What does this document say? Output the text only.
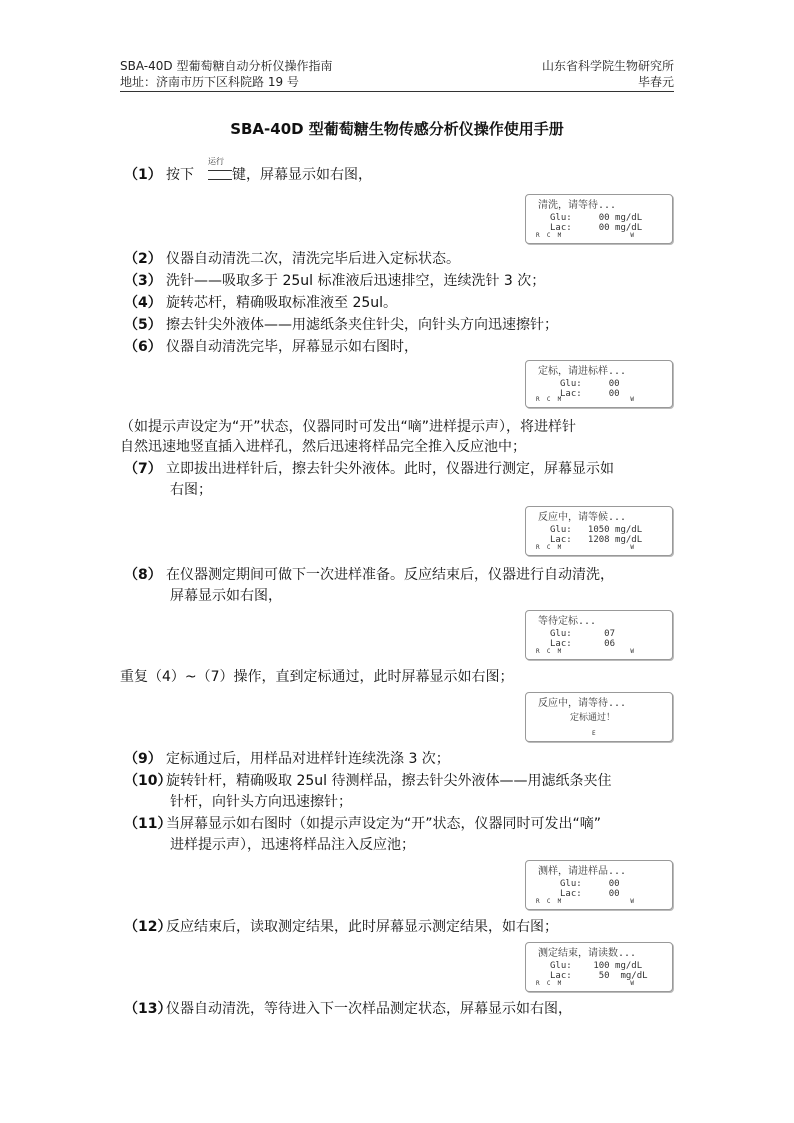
SBA-40D 型葡萄糖自动分析仪操作指南
地址：济南市历下区科院路 19 号
山东省科学院生物研究所
毕春元
SBA-40D 型葡萄糖生物传感分析仪操作使用手册
（1） 按下	键，屏幕显示如右图，
运行
清洗，请等待...
Glu:     00 mg/dL
Lac:     00 mg/dL
R  C  M	W
（2） 仪器自动清洗二次，清洗完毕后进入定标状态。
（3） 洗针——吸取多于 25ul 标准液后迅速排空，连续洗针 3 次；
（4） 旋转芯杆，精确吸取标准液至 25ul。
（5） 擦去针尖外液体——用滤纸条夹住针尖，向针头方向迅速擦针；
（6） 仪器自动清洗完毕，屏幕显示如右图时，
定标，请进标样...
Glu:     00
Lac:     00
R  C  M	W
（如提示声设定为“开”状态，仪器同时可发出“嘀”进样提示声），将进样针
自然迅速地竖直插入进样孔，然后迅速将样品完全推入反应池中；
（7） 立即拔出进样针后，擦去针尖外液体。此时，仪器进行测定，屏幕显示如
右图；
反应中，请等候...
Glu:   1050 mg/dL
Lac:   1208 mg/dL
R  C  M	W
（8） 在仪器测定期间可做下一次进样准备。反应结束后，仪器进行自动清洗，
屏幕显示如右图，
等待定标...
Glu:      07
Lac:      06
R  C  M	W
重复（4）~（7）操作，直到定标通过，此时屏幕显示如右图；
反应中，请等待...
定标通过！
E
（9） 定标通过后，用样品对进样针连续洗涤 3 次；
（10）旋转针杆，精确吸取 25ul 待测样品，擦去针尖外液体——用滤纸条夹住
针杆，向针头方向迅速擦针；
（11）当屏幕显示如右图时（如提示声设定为“开”状态，仪器同时可发出“嘀”
进样提示声），迅速将样品注入反应池；
测样，请进样品...
Glu:     00
Lac:     00
R  C  M	W
（12）反应结束后，读取测定结果，此时屏幕显示测定结果，如右图；
测定结束，请读数...
Glu:    100 mg/dL
Lac:     50  mg/dL
R  C  M	W
（13）仪器自动清洗，等待进入下一次样品测定状态，屏幕显示如右图，
